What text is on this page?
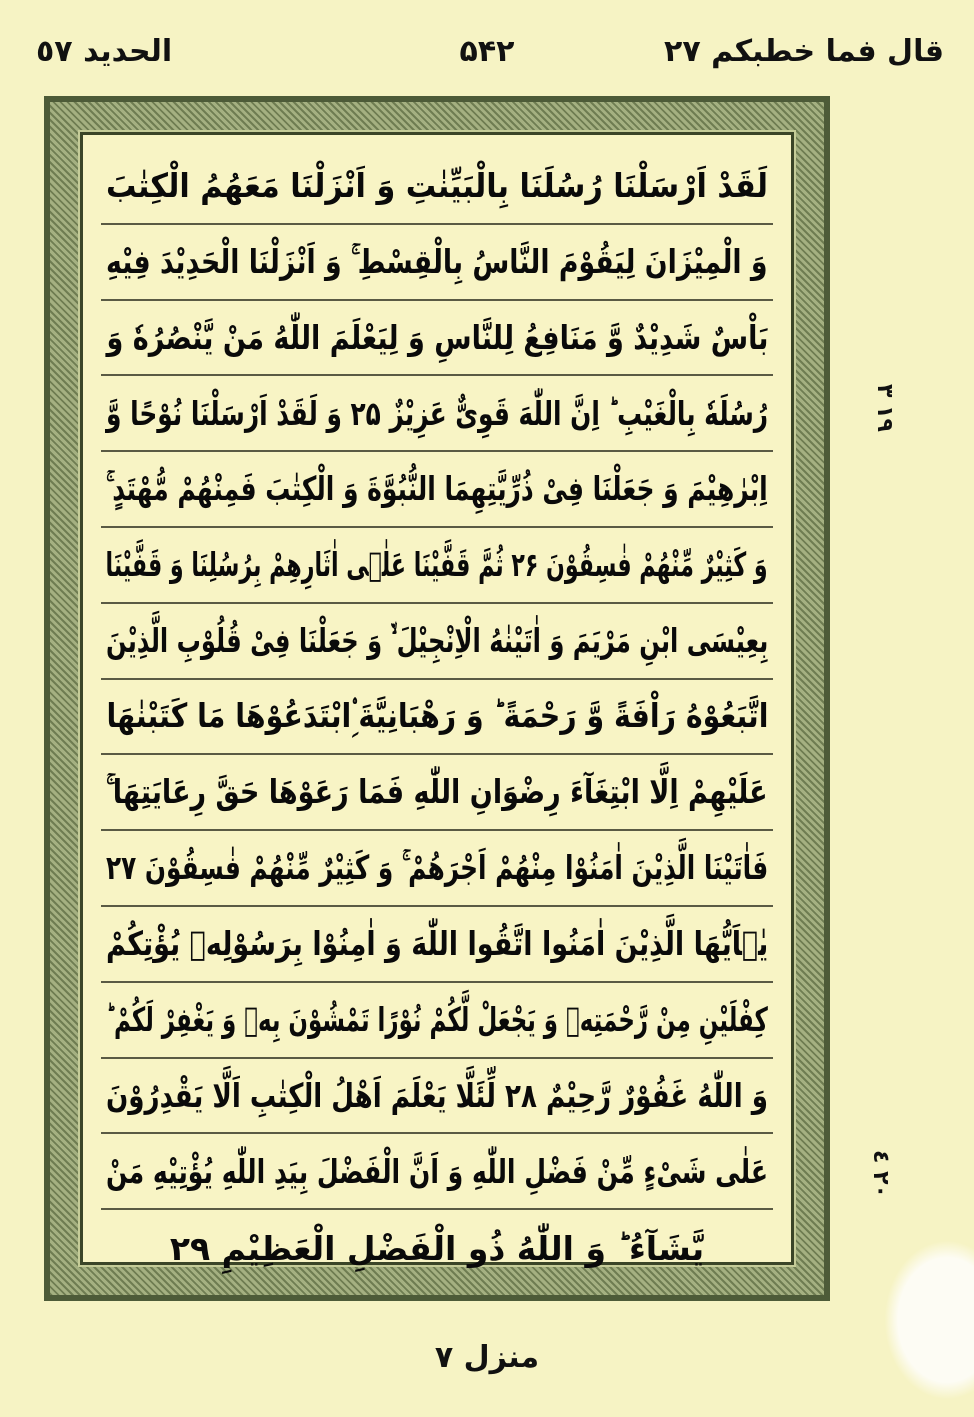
قال فما خطبكم ٢٧
۵۴۲
الحديد ٥٧
لَقَدْ اَرْسَلْنَا رُسُلَنَا بِالْبَیِّنٰتِ وَ اَنْزَلْنَا مَعَهُمُ الْكِتٰبَ
وَ الْمِیْزَانَ لِیَقُوْمَ النَّاسُ بِالْقِسْطِ ۚ وَ اَنْزَلْنَا الْحَدِیْدَ فِیْهِ
بَاْسٌ شَدِیْدٌ وَّ مَنَافِعُ لِلنَّاسِ وَ لِیَعْلَمَ اللّٰهُ مَنْ یَّنْصُرُهٗ وَ
رُسُلَهٗ بِالْغَیْبِ ؕ اِنَّ اللّٰهَ قَوِیٌّ عَزِیْزٌ ۲۵ وَ لَقَدْ اَرْسَلْنَا نُوْحًا وَّ
اِبْرٰهِیْمَ وَ جَعَلْنَا فِیْ ذُرِّیَّتِهِمَا النُّبُوَّةَ وَ الْكِتٰبَ فَمِنْهُمْ مُّهْتَدٍ ۚ
وَ كَثِیْرٌ مِّنْهُمْ فٰسِقُوْنَ ۲۶ ثُمَّ قَفَّیْنَا عَلٰۤى اٰثَارِهِمْ بِرُسُلِنَا وَ قَفَّیْنَا
بِعِیْسَى ابْنِ مَرْیَمَ وَ اٰتَیْنٰهُ الْاِنْجِیْلَ ۙ۬ وَ جَعَلْنَا فِیْ قُلُوْبِ الَّذِیْنَ
اتَّبَعُوْهُ رَاْفَةً وَّ رَحْمَةً ؕ وَ رَهْبَانِیَّةَ ِ۟ابْتَدَعُوْهَا مَا كَتَبْنٰهَا
عَلَیْهِمْ اِلَّا ابْتِغَآءَ رِضْوَانِ اللّٰهِ فَمَا رَعَوْهَا حَقَّ رِعَایَتِهَا ۚ
فَاٰتَیْنَا الَّذِیْنَ اٰمَنُوْا مِنْهُمْ اَجْرَهُمْ ۚ وَ كَثِیْرٌ مِّنْهُمْ فٰسِقُوْنَ ۲۷
یٰۤاَیُّهَا الَّذِیْنَ اٰمَنُوا اتَّقُوا اللّٰهَ وَ اٰمِنُوْا بِرَسُوْلِهٖ یُؤْتِكُمْ
كِفْلَیْنِ مِنْ رَّحْمَتِهٖ وَ یَجْعَلْ لَّكُمْ نُوْرًا تَمْشُوْنَ بِهٖ وَ یَغْفِرْ لَكُمْ ؕ
وَ اللّٰهُ غَفُوْرٌ رَّحِیْمٌ ۲۸ لِّئَلَّا یَعْلَمَ اَهْلُ الْكِتٰبِ اَلَّا یَقْدِرُوْنَ
عَلٰى شَیْءٍ مِّنْ فَضْلِ اللّٰهِ وَ اَنَّ الْفَضْلَ بِیَدِ اللّٰهِ یُؤْتِیْهِ مَنْ
یَّشَآءُ ؕ وَ اللّٰهُ ذُو الْفَضْلِ الْعَظِیْمِ ۲۹
١٩ ٣
٢٠ ٤
منزل ٧
